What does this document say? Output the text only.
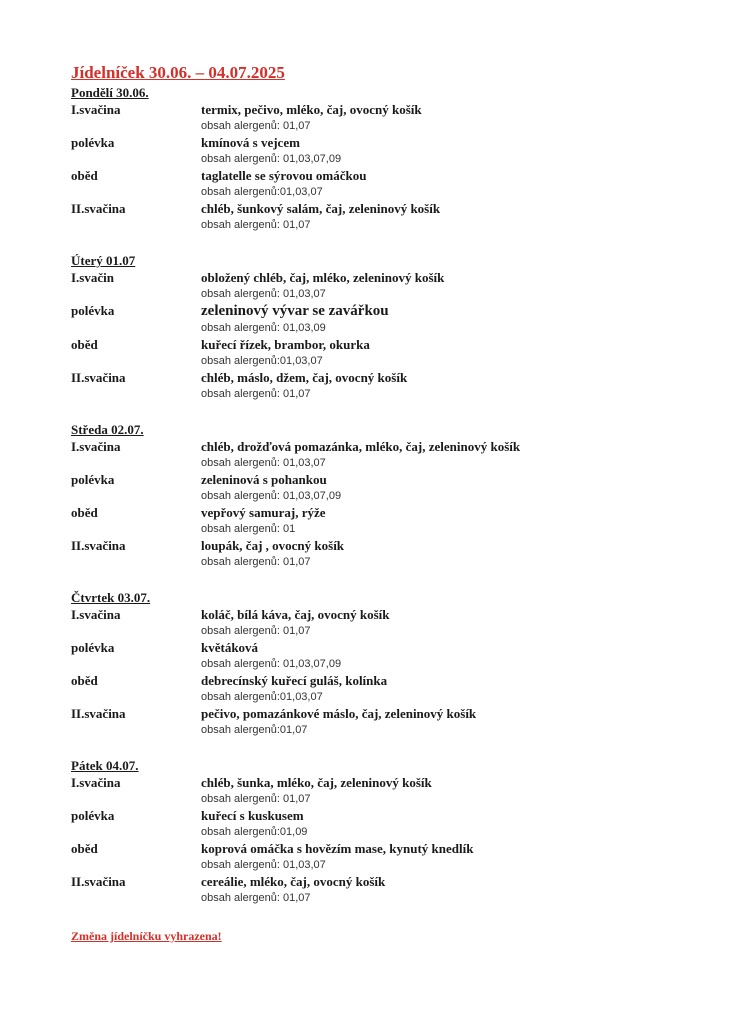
Jídelníček 30.06. – 04.07.2025
Pondělí 30.06.
I.svačina	termix, pečivo, mléko, čaj, ovocný košík
obsah alergenů: 01,07
polévka	kmínová s vejcem
obsah alergenů: 01,03,07,09
oběd	taglatelle se sýrovou omáčkou
obsah alergenů:01,03,07
II.svačina	chléb, šunkový salám, čaj, zeleninový košík
obsah alergenů: 01,07
Úterý 01.07
I.svačin	obložený chléb, čaj, mléko, zeleninový košík
obsah alergenů: 01,03,07
polévka	zeleninový vývar se zavářkou
obsah alergenů: 01,03,09
oběd	kuřecí řízek, brambor, okurka
obsah alergenů:01,03,07
II.svačina	chléb, máslo, džem, čaj, ovocný košík
obsah alergenů: 01,07
Středa 02.07.
I.svačina	chléb, drožďová pomazánka, mléko, čaj, zeleninový košík
obsah alergenů: 01,03,07
polévka	zeleninová s pohankou
obsah alergenů: 01,03,07,09
oběd	vepřový samuraj, rýže
obsah alergenů: 01
II.svačina	loupák, čaj , ovocný košík
obsah alergenů: 01,07
Čtvrtek 03.07.
I.svačina	koláč, bílá káva, čaj, ovocný košík
obsah alergenů: 01,07
polévka	květáková
obsah alergenů: 01,03,07,09
oběd	debrecínský kuřecí guláš, kolínka
obsah alergenů:01,03,07
II.svačina	pečivo, pomazánkové máslo, čaj, zeleninový košík
obsah alergenů:01,07
Pátek 04.07.
I.svačina	chléb, šunka, mléko, čaj, zeleninový košík
obsah alergenů: 01,07
polévka	kuřecí s kuskusem
obsah alergenů:01,09
oběd	koprová omáčka s hovězím mase, kynutý knedlík
obsah alergenů: 01,03,07
II.svačina	cereálie, mléko, čaj, ovocný košík
obsah alergenů: 01,07

Změna jídelníčku vyhrazena!
